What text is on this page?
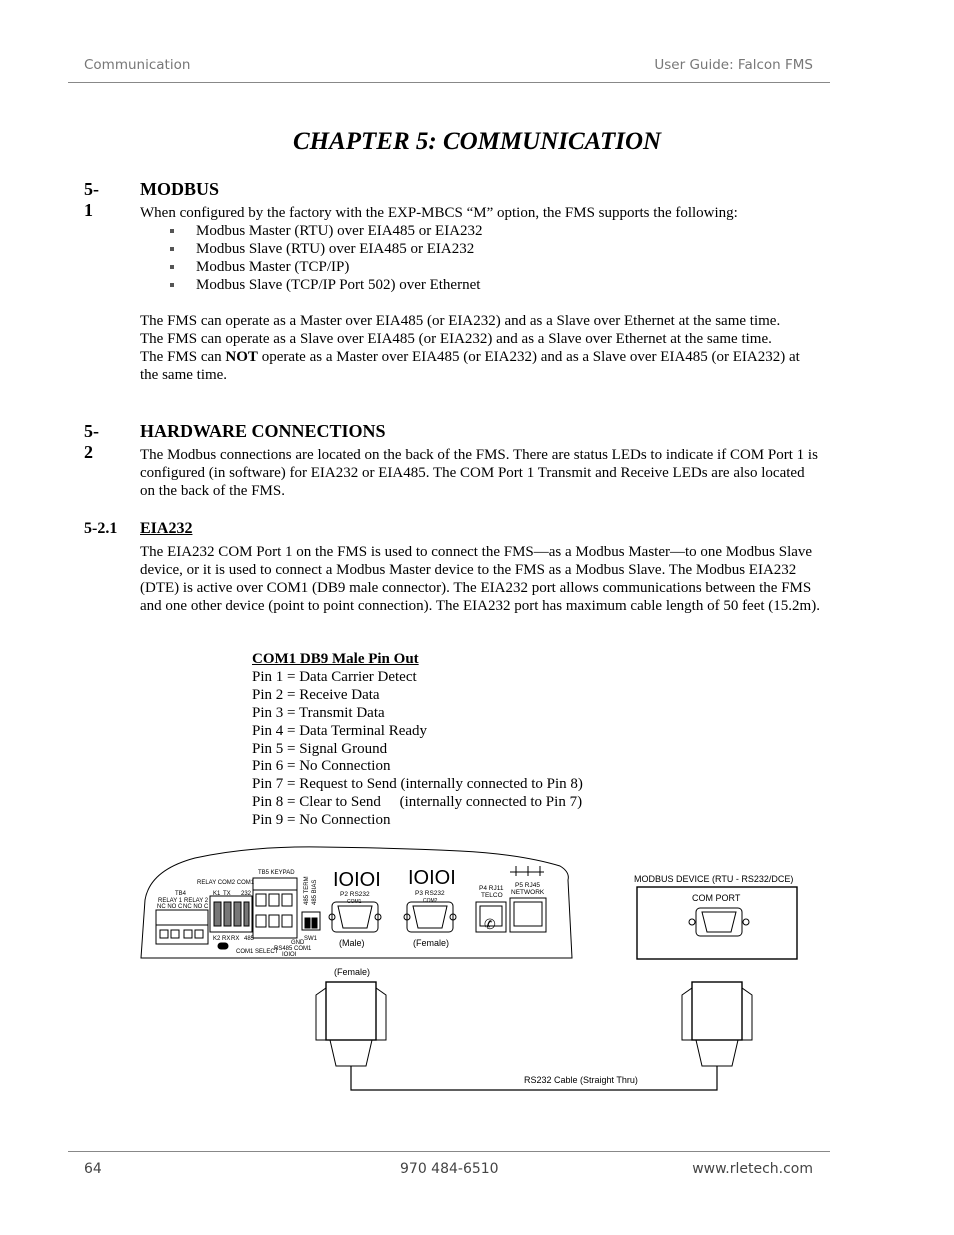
Communication	User Guide: Falcon FMS
CHAPTER 5: COMMUNICATION
5-1
MODBUS
When configured by the factory with the EXP-MBCS “M” option, the FMS supports the following:
Modbus Master (RTU) over EIA485 or EIA232
Modbus Slave (RTU) over EIA485 or EIA232
Modbus Master (TCP/IP)
Modbus Slave (TCP/IP Port 502) over Ethernet

The FMS can operate as a Master over EIA485 (or EIA232) and as a Slave over Ethernet at the same time.

The FMS can operate as a Slave over EIA485 (or EIA232) and as a Slave over Ethernet at the same time.

The FMS can NOT operate as a Master over EIA485 (or EIA232) and as a Slave over EIA485 (or EIA232) at the same time.

5-2
HARDWARE CONNECTIONS
The Modbus connections are located on the back of the FMS. There are status LEDs to indicate if COM Port 1 is configured (in software) for EIA232 or EIA485. The COM Port 1 Transmit and Receive LEDs are also located on the back of the FMS.
5-2.1 EIA232
The EIA232 COM Port 1 on the FMS is used to connect the FMS—as a Modbus Master—to one Modbus Slave device, or it is used to connect a Modbus Master device to the FMS as a Modbus Slave. The Modbus EIA232 (DTE) is active over COM1 (DB9 male connector). The EIA232 port allows communications between the FMS and one other device (point to point connection). The EIA232 port has maximum cable length of 50 feet (15.2m).
COM1 DB9 Male Pin Out
Pin 1 = Data Carrier Detect
Pin 2 = Receive Data
Pin 3 = Transmit Data
Pin 4 = Data Terminal Ready
Pin 5 = Signal Ground
Pin 6 = No Connection
Pin 7 = Request to Send (internally connected to Pin 8)
Pin 8 = Clear to Send     (internally connected to Pin 7)
Pin 9 = No Connection
TB5 KEYPAD
RELAY COM2 COM1
TB4
RELAY 1 RELAY 2
NC NO C NC NO C
K1 TX
RX
232
K2 RX 485
COM1 SELECT
GND
RS485 COM1
IOIOI
SW1
485 TERM 485 BIAS IOIOI IOIOI
P2 RS232
COM1
P3 RS232
COM2
P4 RJ11
TELCO
P5 RJ45
NETWORK
(Male)	(Female)
MODBUS DEVICE (RTU - RS232/DCE)
COM PORT
(Female)
RS232 Cable (Straight Thru)
✆
64	970 484-6510	www.rletech.com
